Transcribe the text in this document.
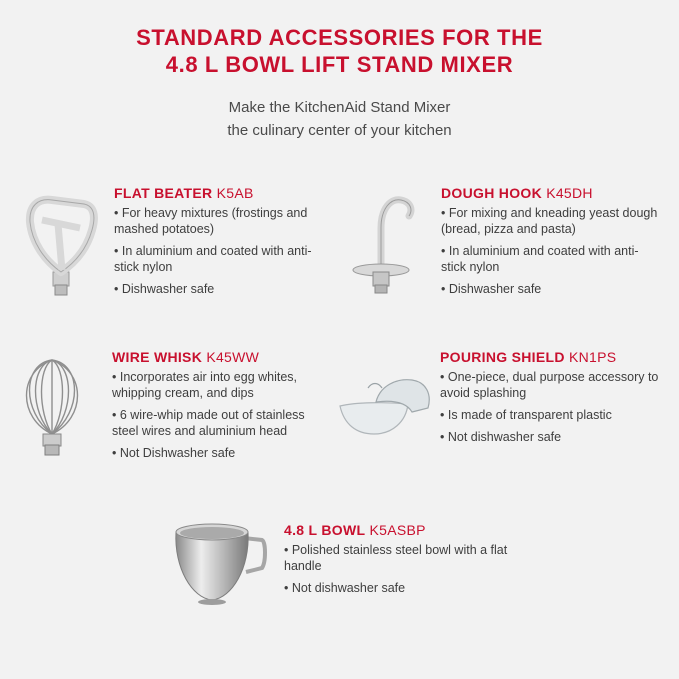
STANDARD ACCESSORIES FOR THE
4.8 L BOWL LIFT STAND MIXER
Make the KitchenAid Stand Mixer
the culinary center of your kitchen
FLAT BEATER K5AB
• For heavy mixtures (frostings and mashed potatoes)
• In aluminium and coated with anti-stick nylon
• Dishwasher safe
DOUGH HOOK K45DH
• For mixing and kneading yeast dough (bread, pizza and pasta)
• In aluminium and coated with anti-stick nylon
• Dishwasher safe
WIRE WHISK K45WW
• Incorporates air into egg whites, whipping cream, and dips
• 6 wire-whip made out of stainless steel wires and aluminium head
• Not Dishwasher safe
POURING SHIELD KN1PS
• One-piece, dual purpose accessory to avoid splashing
• Is made of transparent plastic
• Not dishwasher safe
4.8 L BOWL K5ASBP
• Polished stainless steel bowl with a flat handle
• Not dishwasher safe
